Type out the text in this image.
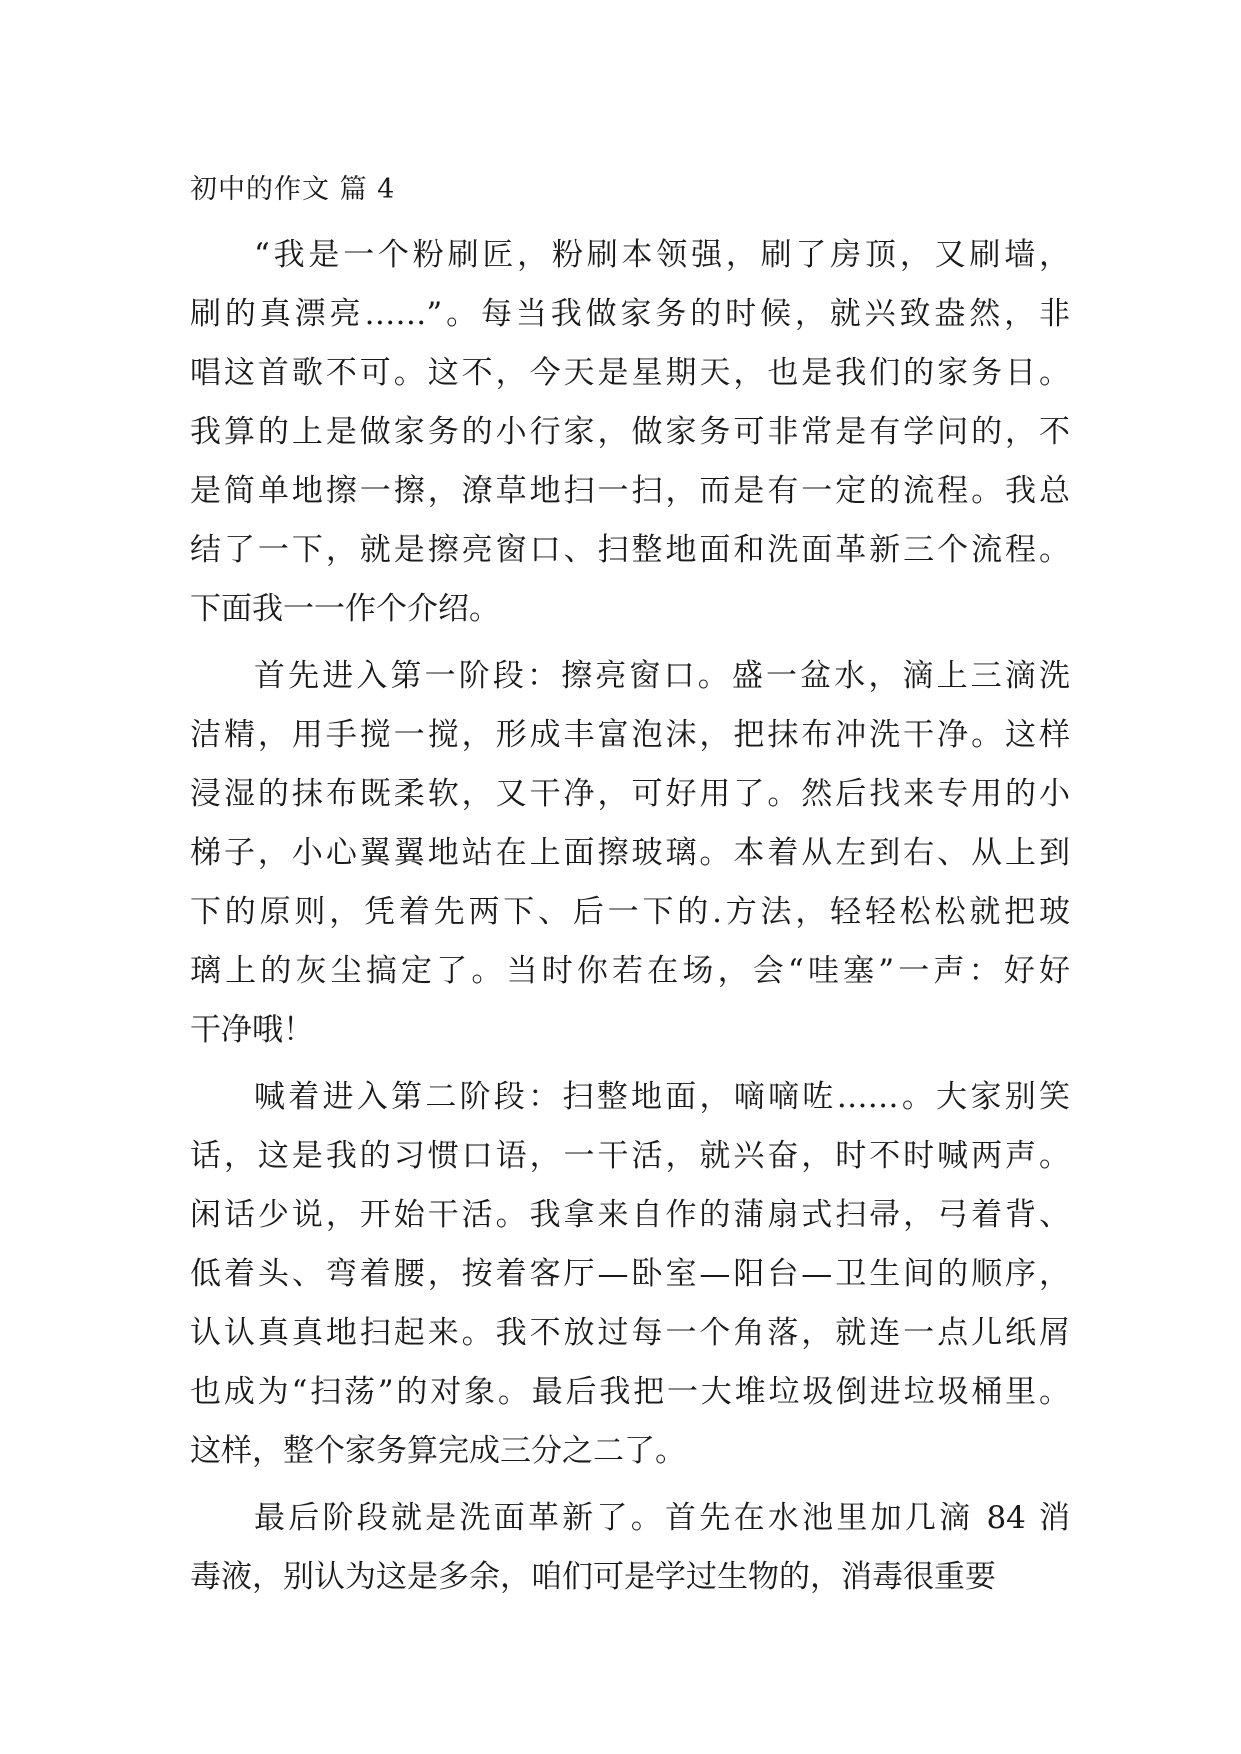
初中的作文 篇 4
“我是一个粉刷匠，粉刷本领强，刷了房顶，又刷墙，
刷的真漂亮……”。每当我做家务的时候，就兴致盎然，非
唱这首歌不可。这不，今天是星期天，也是我们的家务日。
我算的上是做家务的小行家，做家务可非常是有学问的，不
是简单地擦一擦，潦草地扫一扫，而是有一定的流程。我总
结了一下，就是擦亮窗口、扫整地面和洗面革新三个流程。
下面我一一作个介绍。
首先进入第一阶段：擦亮窗口。盛一盆水，滴上三滴洗
洁精，用手搅一搅，形成丰富泡沫，把抹布冲洗干净。这样
浸湿的抹布既柔软，又干净，可好用了。然后找来专用的小
梯子，小心翼翼地站在上面擦玻璃。本着从左到右、从上到
下的原则，凭着先两下、后一下的.方法，轻轻松松就把玻
璃上的灰尘搞定了。当时你若在场，会“哇塞”一声：好好
干净哦！
喊着进入第二阶段：扫整地面，嘀嘀咗……。大家别笑
话，这是我的习惯口语，一干活，就兴奋，时不时喊两声。
闲话少说，开始干活。我拿来自作的蒲扇式扫帚，弓着背、
低着头、弯着腰，按着客厅—卧室—阳台—卫生间的顺序，
认认真真地扫起来。我不放过每一个角落，就连一点儿纸屑
也成为“扫荡”的对象。最后我把一大堆垃圾倒进垃圾桶里。
这样，整个家务算完成三分之二了。
最后阶段就是洗面革新了。首先在水池里加几滴 84 消
毒液，别认为这是多余，咱们可是学过生物的，消毒很重要
